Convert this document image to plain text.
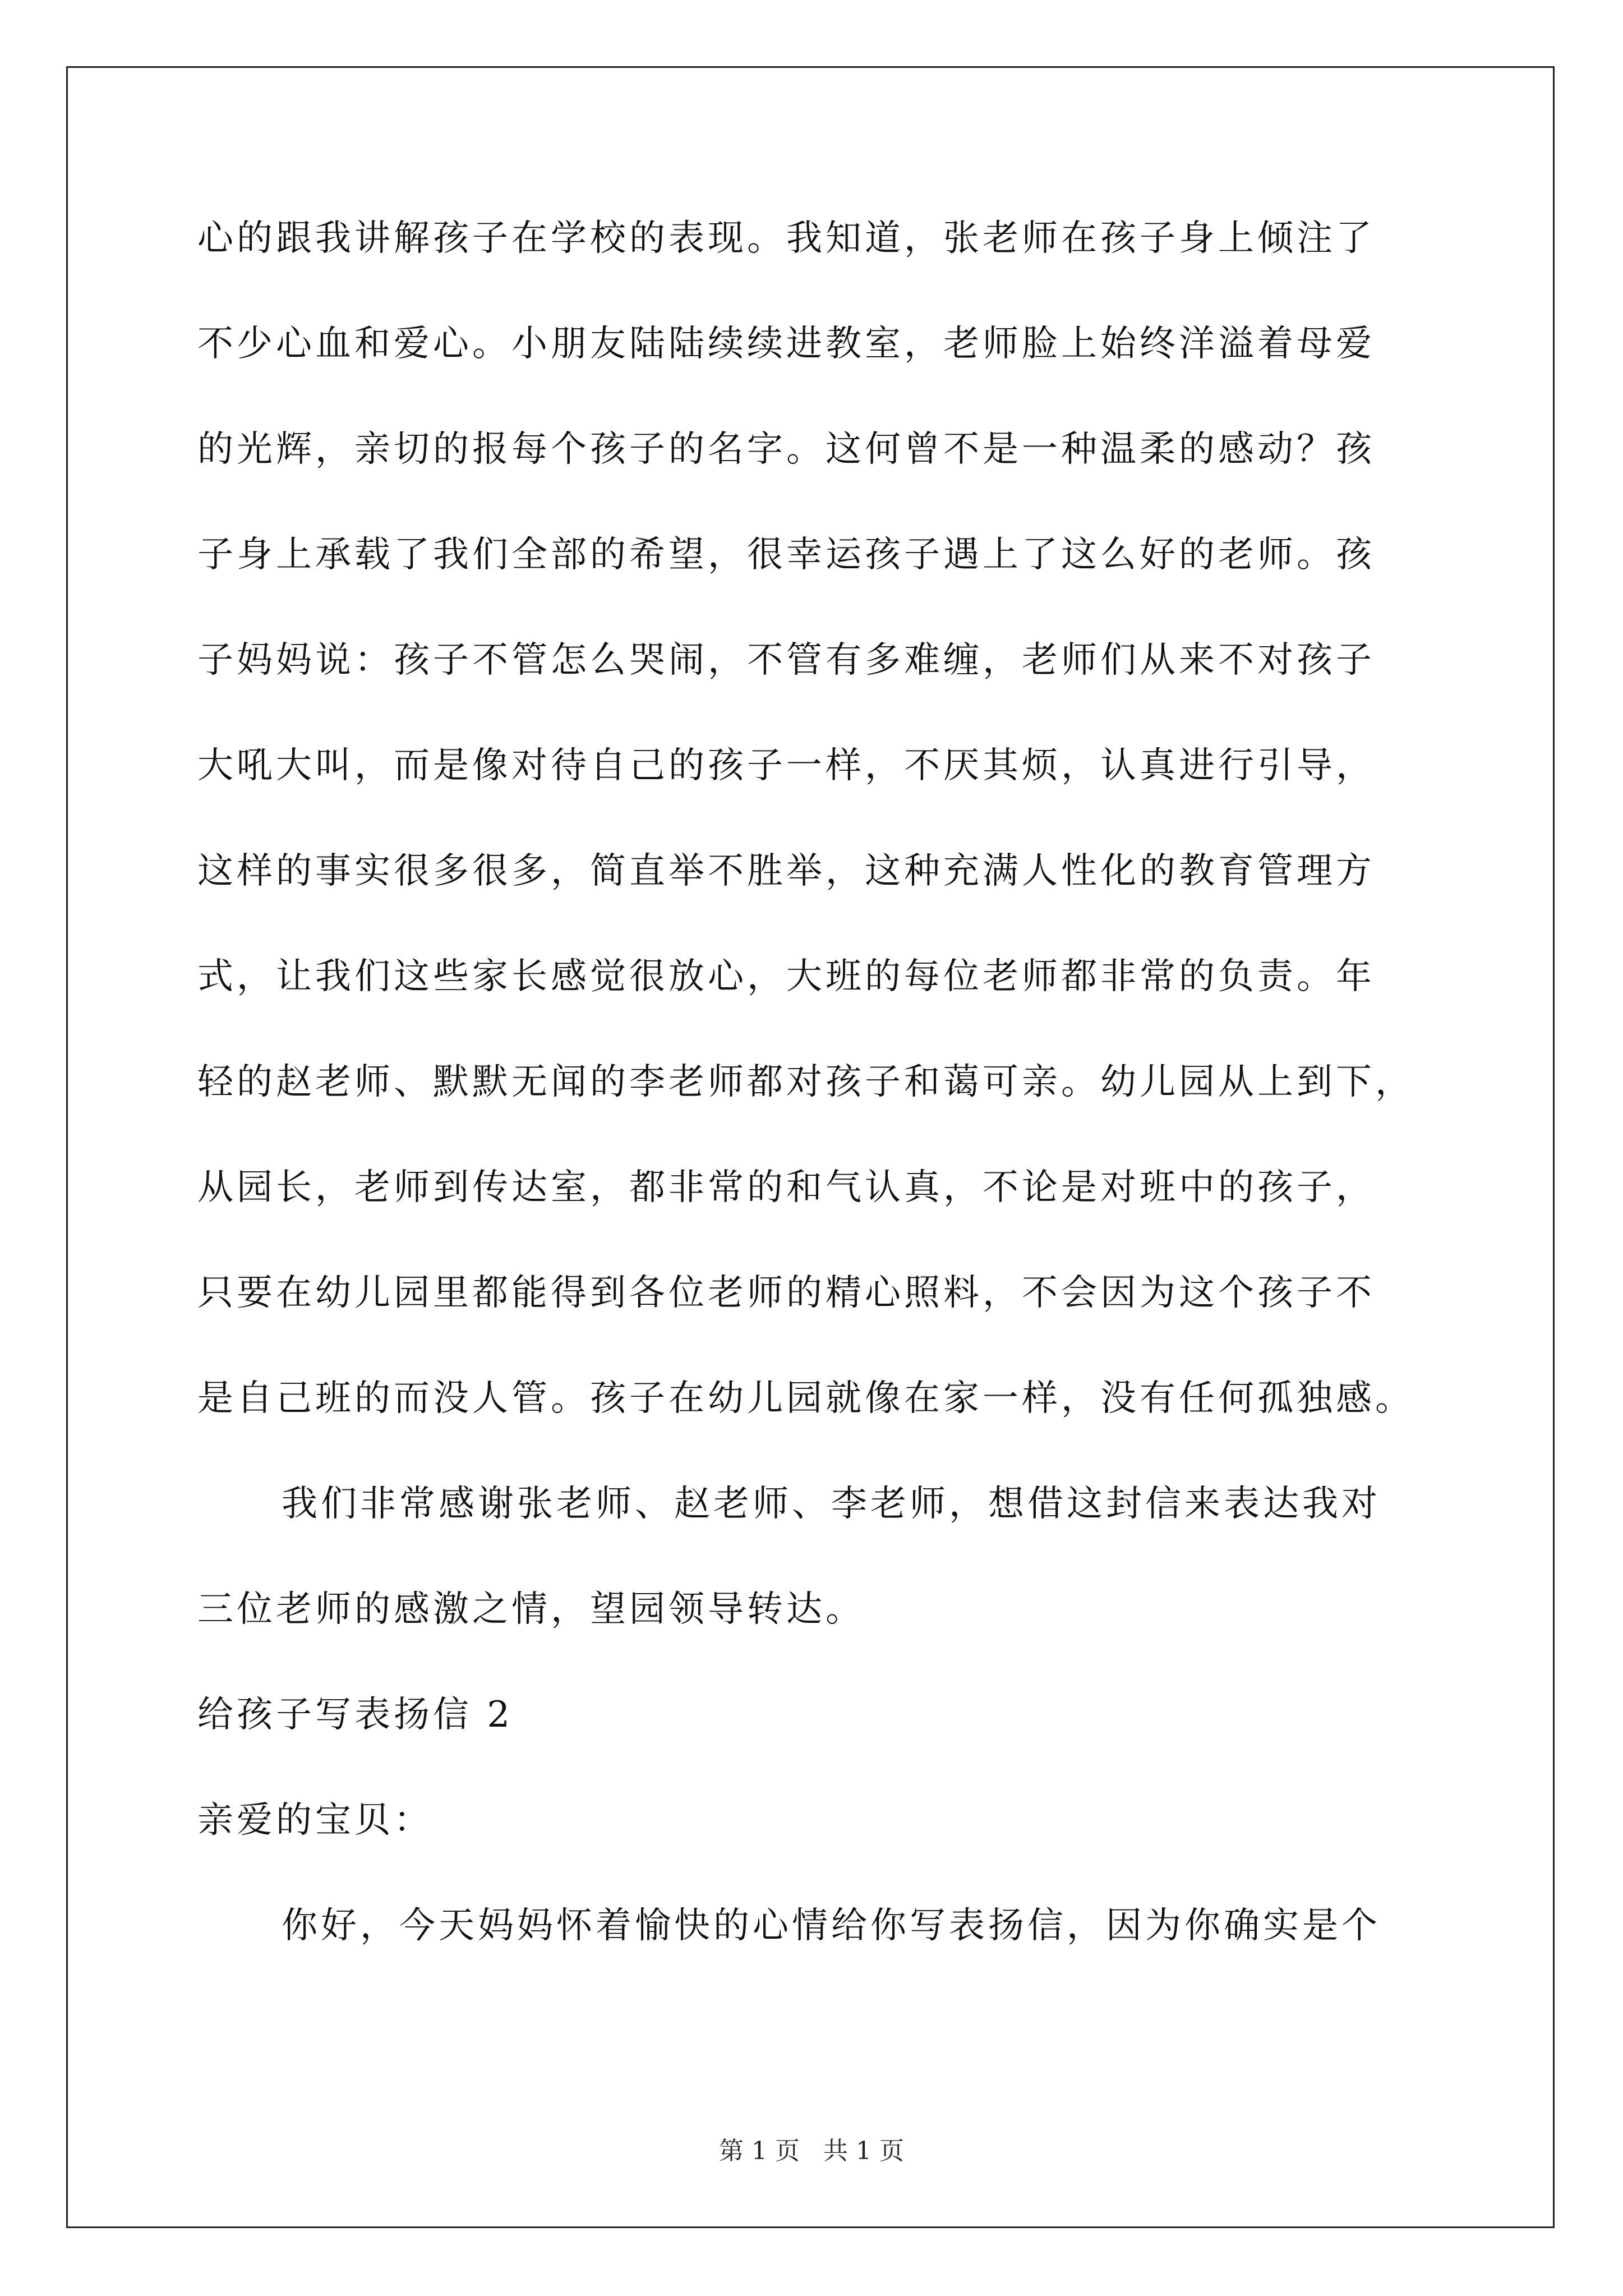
心的跟我讲解孩子在学校的表现。我知道，张老师在孩子身上倾注了
不少心血和爱心。小朋友陆陆续续进教室，老师脸上始终洋溢着母爱
的光辉，亲切的报每个孩子的名字。这何曾不是一种温柔的感动？孩
子身上承载了我们全部的希望，很幸运孩子遇上了这么好的老师。孩
子妈妈说：孩子不管怎么哭闹，不管有多难缠，老师们从来不对孩子
大吼大叫，而是像对待自己的孩子一样，不厌其烦，认真进行引导，
这样的事实很多很多，简直举不胜举，这种充满人性化的教育管理方
式，让我们这些家长感觉很放心，大班的每位老师都非常的负责。年
轻的赵老师、默默无闻的李老师都对孩子和蔼可亲。幼儿园从上到下，
从园长，老师到传达室，都非常的和气认真，不论是对班中的孩子，
只要在幼儿园里都能得到各位老师的精心照料，不会因为这个孩子不
是自己班的而没人管。孩子在幼儿园就像在家一样，没有任何孤独感。
我们非常感谢张老师、赵老师、李老师，想借这封信来表达我对
三位老师的感激之情，望园领导转达。
给孩子写表扬信 2
亲爱的宝贝：
你好，今天妈妈怀着愉快的心情给你写表扬信，因为你确实是个
第 1 页 共 1 页
